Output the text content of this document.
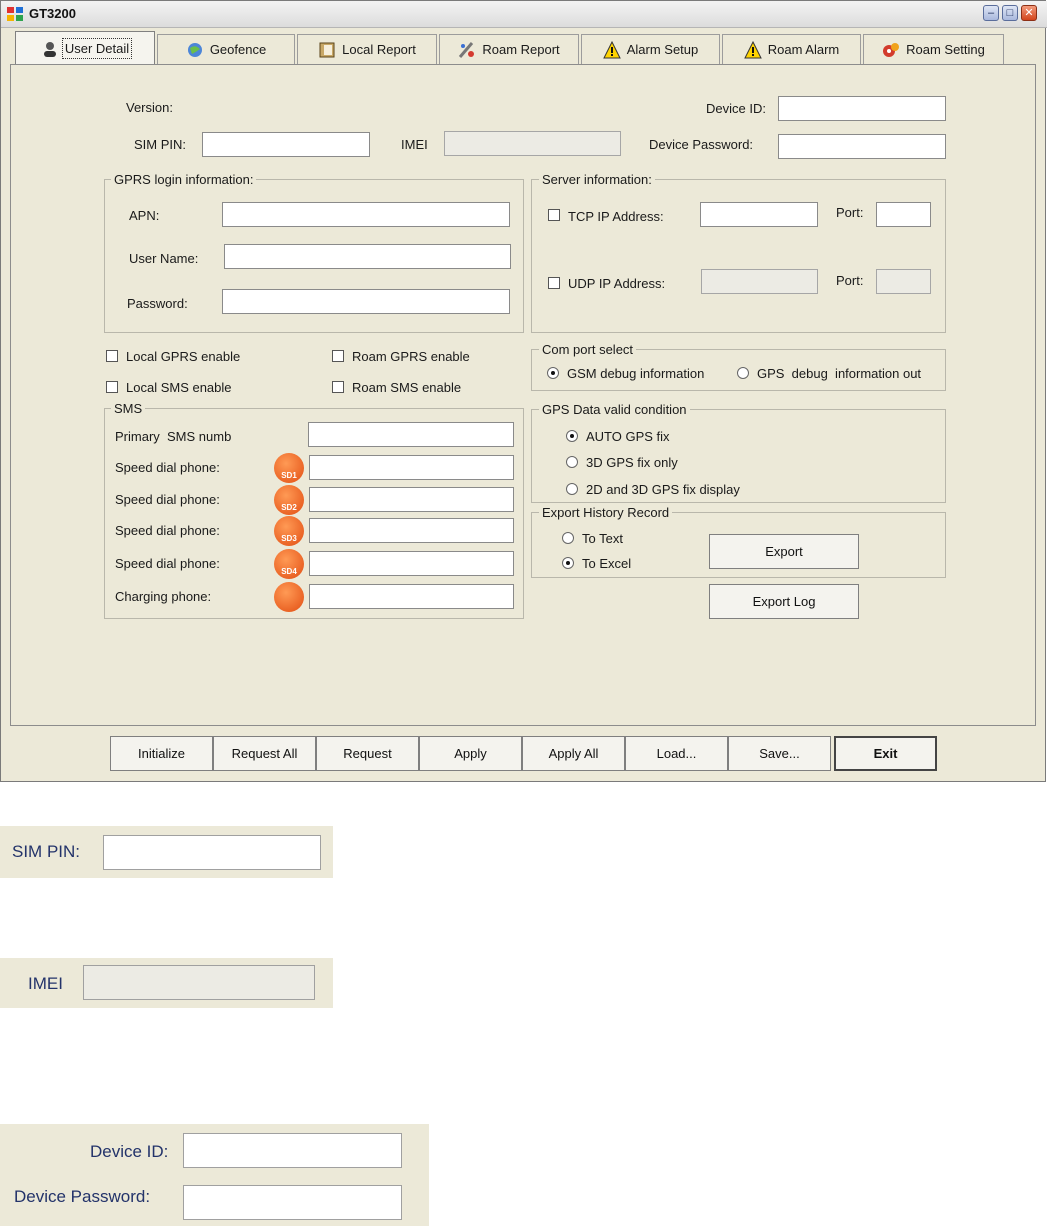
GT3200	–	□	✕
User Detail	Geofence	Local Report	Roam Report	Alarm Setup	Roam Alarm	Roam Setting
Version:	Device ID:
SIM PIN:	IMEI	Device Password:
GPRS login information:
APN:
User Name:
Password:
Server information:
TCP IP Address:	Port:
UDP IP Address:	Port:
Local GPRS enable	Roam GPRS enable
Local SMS enable	Roam SMS enable
Com port select
GSM debug information	GPS  debug  information out
SMS
Primary  SMS numb
Speed dial phone:
SD1
Speed dial phone:
SD2
Speed dial phone:
SD3
Speed dial phone:
SD4
Charging phone:
GPS Data valid condition
AUTO GPS fix
3D GPS fix only
2D and 3D GPS fix display
Export History Record
To Text
To Excel
Export
Export Log
Initialize	Request All	Request	Apply	Apply All	Load...	Save...	Exit
SIM PIN:
IMEI
Device ID:
Device Password:
